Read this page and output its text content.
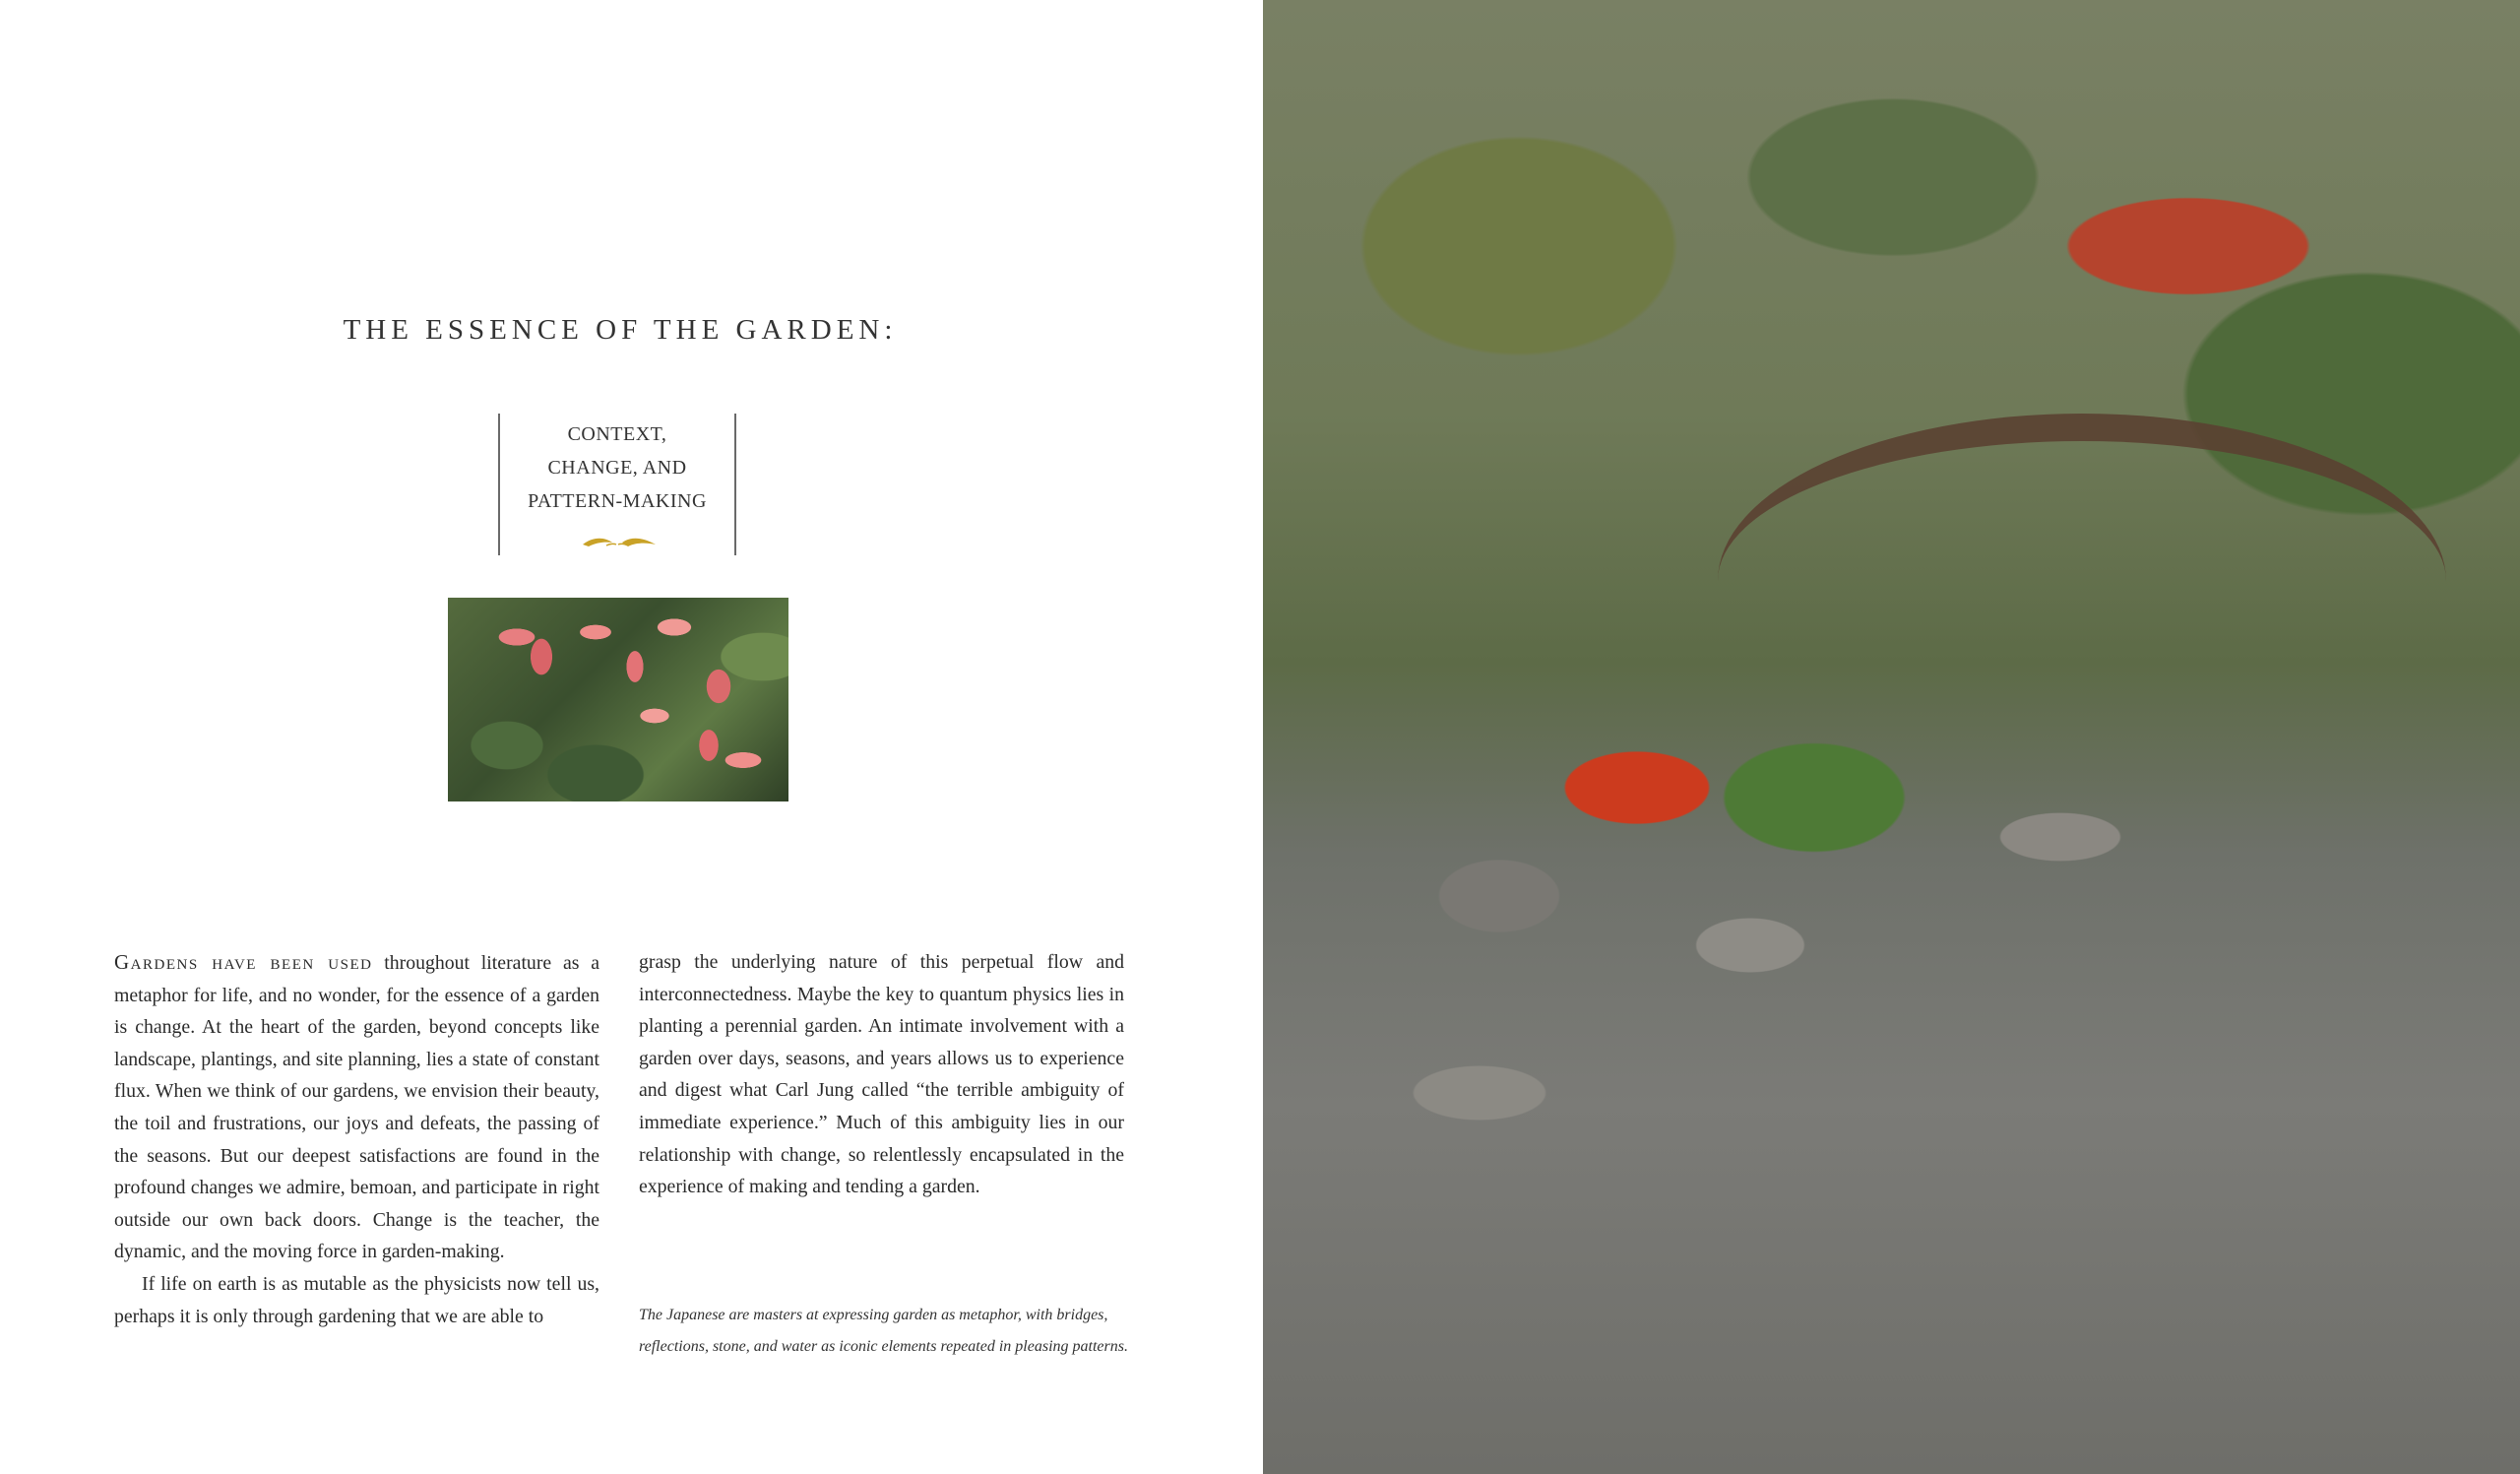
THE ESSENCE OF THE GARDEN:
CONTEXT,
CHANGE, AND
PATTERN-MAKING

Gardens have been used throughout literature as a metaphor for life, and no wonder, for the essence of a garden is change. At the heart of the garden, beyond concepts like landscape, plantings, and site planning, lies a state of constant flux. When we think of our gardens, we envision their beauty, the toil and frustrations, our joys and defeats, the passing of the seasons. But our deepest satisfactions are found in the profound changes we admire, bemoan, and participate in right outside our own back doors. Change is the teacher, the dynamic, and the moving force in garden-making.

If life on earth is as mutable as the physicists now tell us, perhaps it is only through gardening that we are able to

grasp the underlying nature of this perpetual flow and interconnectedness. Maybe the key to quantum physics lies in planting a perennial garden. An intimate involvement with a garden over days, seasons, and years allows us to experience and digest what Carl Jung called “the terrible ambiguity of immediate experience.” Much of this ambiguity lies in our relationship with change, so relentlessly encapsulated in the experience of making and tending a garden.

The Japanese are masters at expressing garden as metaphor, with bridges, reflections, stone, and water as iconic elements repeated in pleasing patterns.
